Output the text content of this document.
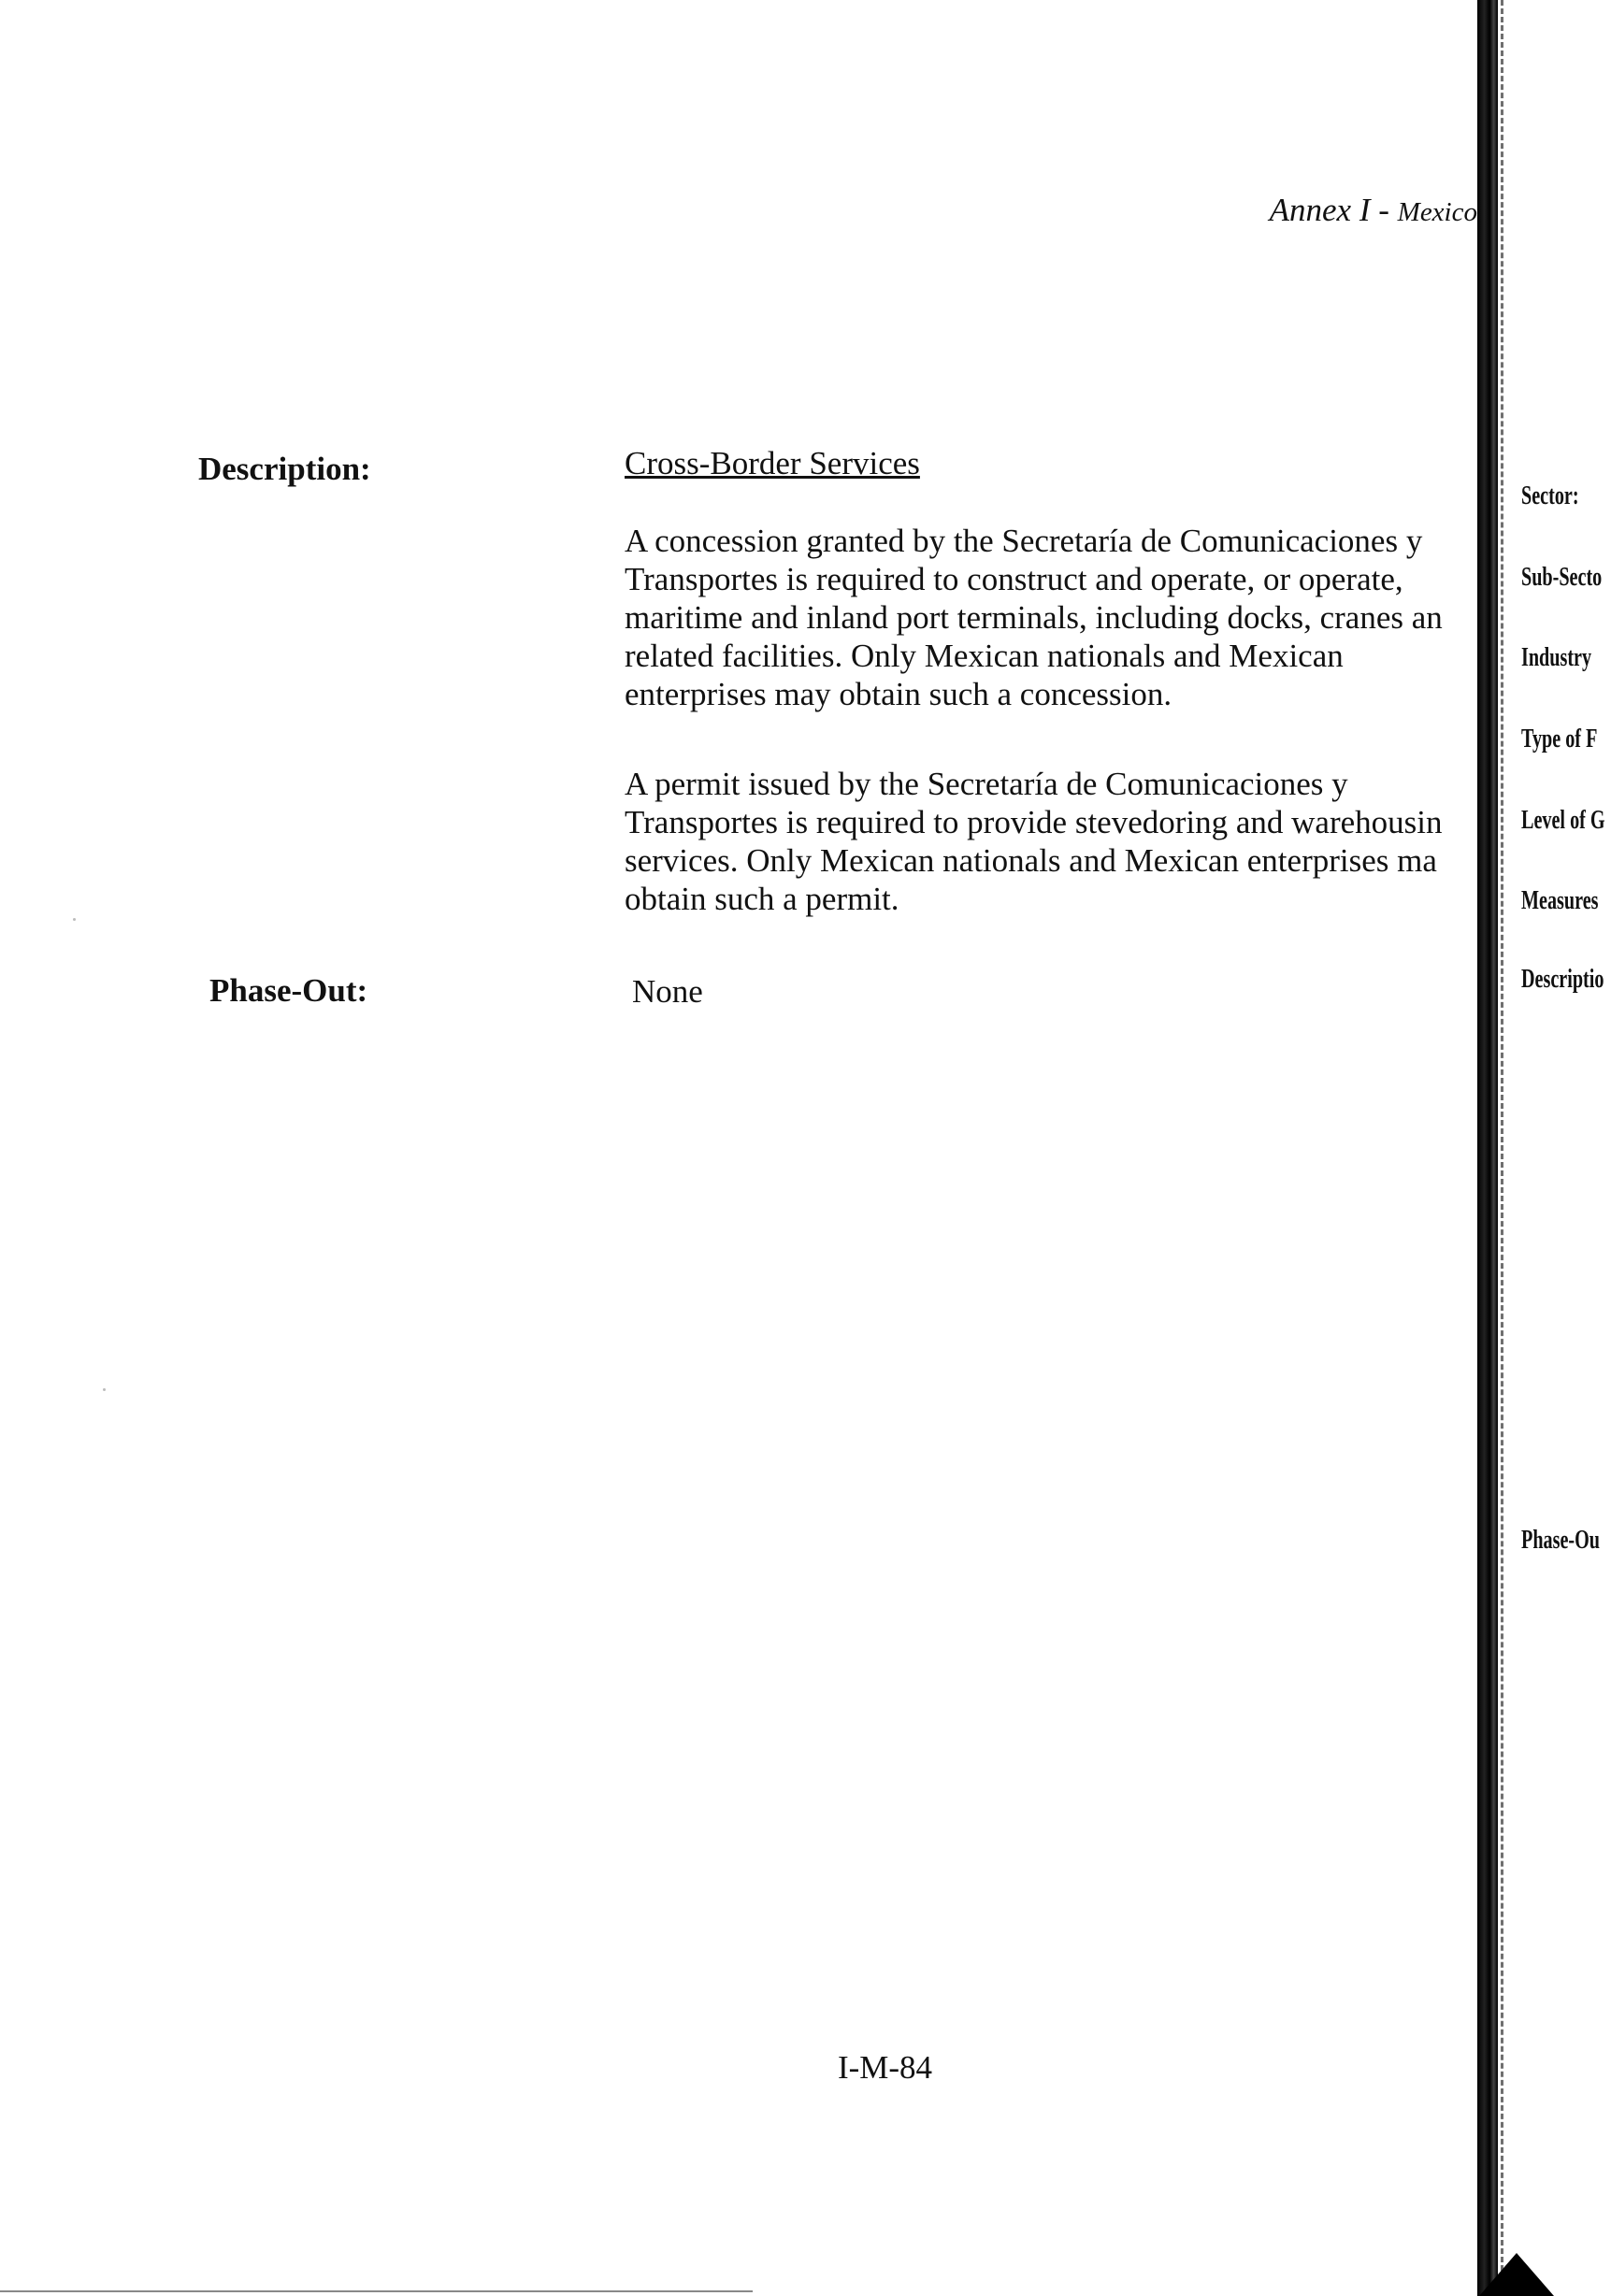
Annex I - Mexico
Description:	Cross-Border Services
A concession granted by the Secretaría de Comunicaciones y
Transportes is required to construct and operate, or operate,
maritime and inland port terminals, including docks, cranes an
related facilities. Only Mexican nationals and Mexican
enterprises may obtain such a concession.
A permit issued by the Secretaría de Comunicaciones y
Transportes is required to provide stevedoring and warehousin
services. Only Mexican nationals and Mexican enterprises ma
obtain such a permit.
Phase-Out:	None
I-M-84
Sector:
Sub-Secto
Industry
Type of F
Level of G
Measures
Descriptio
Phase-Ou
